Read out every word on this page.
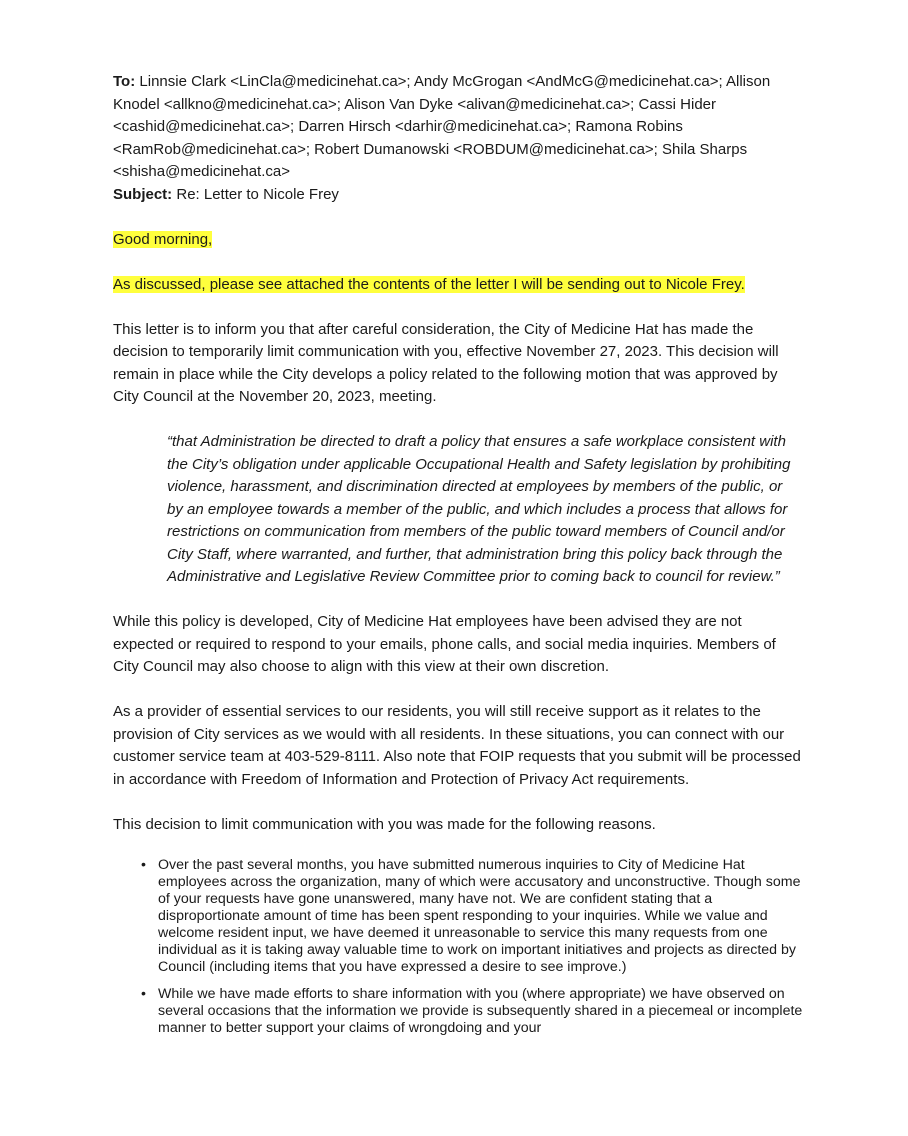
To: Linnsie Clark <LinCla@medicinehat.ca>; Andy McGrogan <AndMcG@medicinehat.ca>; Allison

Knodel <allkno@medicinehat.ca>; Alison Van Dyke <alivan@medicinehat.ca>; Cassi Hider

<cashid@medicinehat.ca>; Darren Hirsch <darhir@medicinehat.ca>; Ramona Robins

<RamRob@medicinehat.ca>; Robert Dumanowski <ROBDUM@medicinehat.ca>; Shila Sharps

<shisha@medicinehat.ca>

Subject: Re: Letter to Nicole Frey

Good morning,

As discussed, please see attached the contents of the letter I will be sending out to Nicole Frey.

This letter is to inform you that after careful consideration, the City of Medicine Hat has made the decision to temporarily limit communication with you, effective November 27, 2023. This decision will remain in place while the City develops a policy related to the following motion that was approved by City Council at the November 20, 2023, meeting.

“that Administration be directed to draft a policy that ensures a safe workplace consistent with the City’s obligation under applicable Occupational Health and Safety legislation by prohibiting violence, harassment, and discrimination directed at employees by members of the public, or by an employee towards a member of the public, and which includes a process that allows for restrictions on communication from members of the public toward members of Council and/or City Staff, where warranted, and further, that administration bring this policy back through the Administrative and Legislative Review Committee prior to coming back to council for review.”

While this policy is developed, City of Medicine Hat employees have been advised they are not expected or required to respond to your emails, phone calls, and social media inquiries. Members of City Council may also choose to align with this view at their own discretion.

As a provider of essential services to our residents, you will still receive support as it relates to the provision of City services as we would with all residents. In these situations, you can connect with our customer service team at 403-529-8111. Also note that FOIP requests that you submit will be processed in accordance with Freedom of Information and Protection of Privacy Act requirements.

This decision to limit communication with you was made for the following reasons.

• Over the past several months, you have submitted numerous inquiries to City of Medicine Hat employees across the organization, many of which were accusatory and unconstructive. Though some of your requests have gone unanswered, many have not. We are confident stating that a disproportionate amount of time has been spent responding to your inquiries. While we value and welcome resident input, we have deemed it unreasonable to service this many requests from one individual as it is taking away valuable time to work on important initiatives and projects as directed by Council (including items that you have expressed a desire to see improve.)
• While we have made efforts to share information with you (where appropriate) we have observed on several occasions that the information we provide is subsequently shared in a piecemeal or incomplete manner to better support your claims of wrongdoing and your
